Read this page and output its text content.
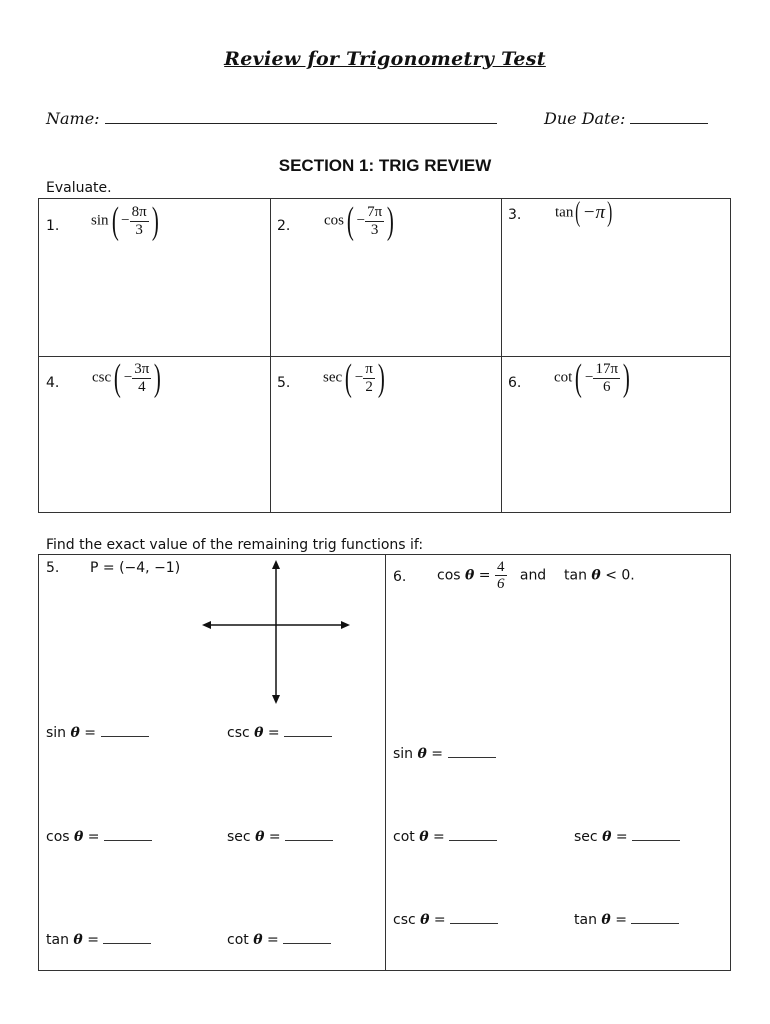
Review for Trigonometry Test
Name:	Due Date:
SECTION 1: TRIG REVIEW
Evaluate.
1. $\sin( - \frac{8\pi}{3}$ )	2. $\cos( - \frac{7\pi}{3}$ )	3. tan( −π)
4. $\csc( - \frac{3\pi}{4}$ )	5. $\sec( - \frac{\pi}{2}$ )	6. $\cot( - \frac{17\pi}{6}$ )
Find the exact value of the remaining trig functions if:
5. P = (−4, −1)
sin θ =	csc θ =
cos θ =	sec θ =
tan θ =	cot θ =
6. $\cos \theta = \frac{4}{6}$ and tan θ < 0.
sin θ =
cot θ =	sec θ =
csc θ =	tan θ =
